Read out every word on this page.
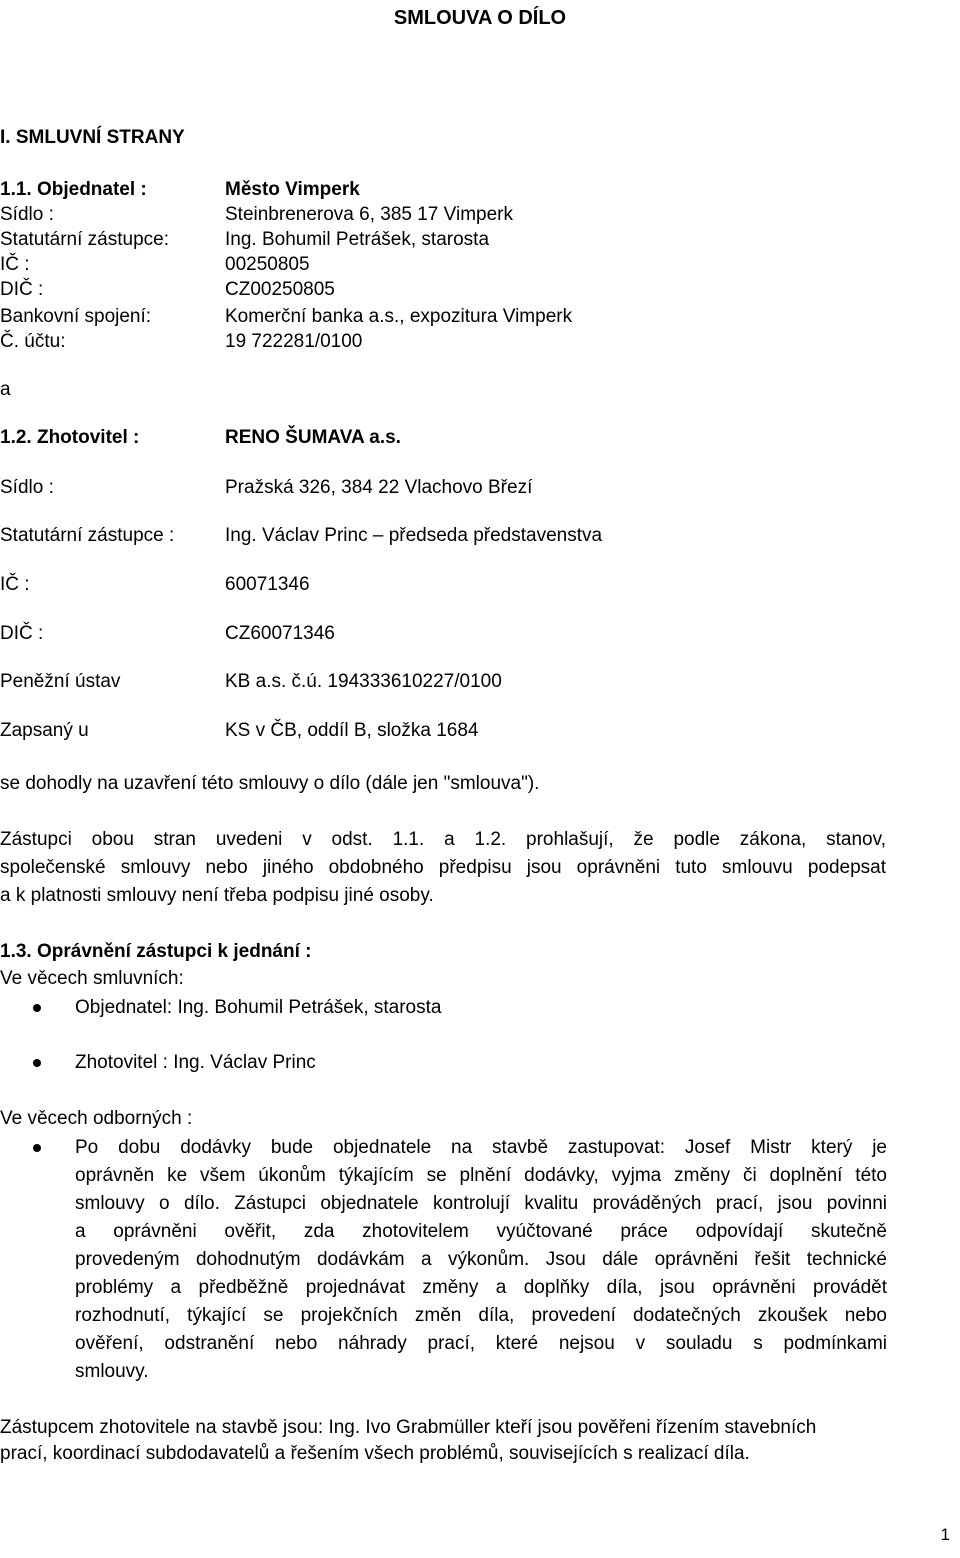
SMLOUVA O DÍLO
I. SMLUVNÍ STRANY
1.1. Objednatel :	Město Vimperk
Sídlo :	Steinbrenerova 6, 385 17 Vimperk
Statutární zástupce:	Ing. Bohumil Petrášek, starosta
IČ :	00250805
DIČ :	CZ00250805
Bankovní spojení:	Komerční banka a.s., expozitura Vimperk
Č. účtu:	19 722281/0100
a
1.2. Zhotovitel :	RENO ŠUMAVA a.s.
Sídlo :	Pražská 326, 384 22 Vlachovo Březí
Statutární zástupce :	Ing. Václav Princ – předseda představenstva
IČ :	60071346
DIČ :	CZ60071346
Peněžní ústav	KB a.s. č.ú. 194333610227/0100
Zapsaný u	KS v ČB, oddíl B, složka 1684
se dohodly na uzavření této smlouvy o dílo (dále jen "smlouva").
Zástupci obou stran uvedeni v odst. 1.1. a 1.2. prohlašují, že podle zákona, stanov,
společenské smlouvy nebo jiného obdobného předpisu jsou oprávněni tuto smlouvu podepsat
a k platnosti smlouvy není třeba podpisu jiné osoby.
1.3. Oprávnění zástupci k jednání :
Ve věcech smluvních:
Objednatel: Ing. Bohumil Petrášek, starosta
Zhotovitel : Ing. Václav Princ
Ve věcech odborných :
Po dobu dodávky bude objednatele na stavbě zastupovat: Josef Mistr který je
oprávněn ke všem úkonům týkajícím se plnění dodávky, vyjma změny či doplnění této
smlouvy o dílo. Zástupci objednatele kontrolují kvalitu prováděných prací, jsou povinni
a oprávněni ověřit, zda zhotovitelem vyúčtované práce odpovídají skutečně
provedeným dohodnutým dodávkám a výkonům. Jsou dále oprávněni řešit technické
problémy a předběžně projednávat změny a doplňky díla, jsou oprávněni provádět
rozhodnutí, týkající se projekčních změn díla, provedení dodatečných zkoušek nebo
ověření, odstranění nebo náhrady prací, které nejsou v souladu s podmínkami
smlouvy.
Zástupcem zhotovitele na stavbě jsou: Ing. Ivo Grabmüller kteří jsou pověřeni řízením stavebních
prací, koordinací subdodavatelů a řešením všech problémů, souvisejících s realizací díla.
1
